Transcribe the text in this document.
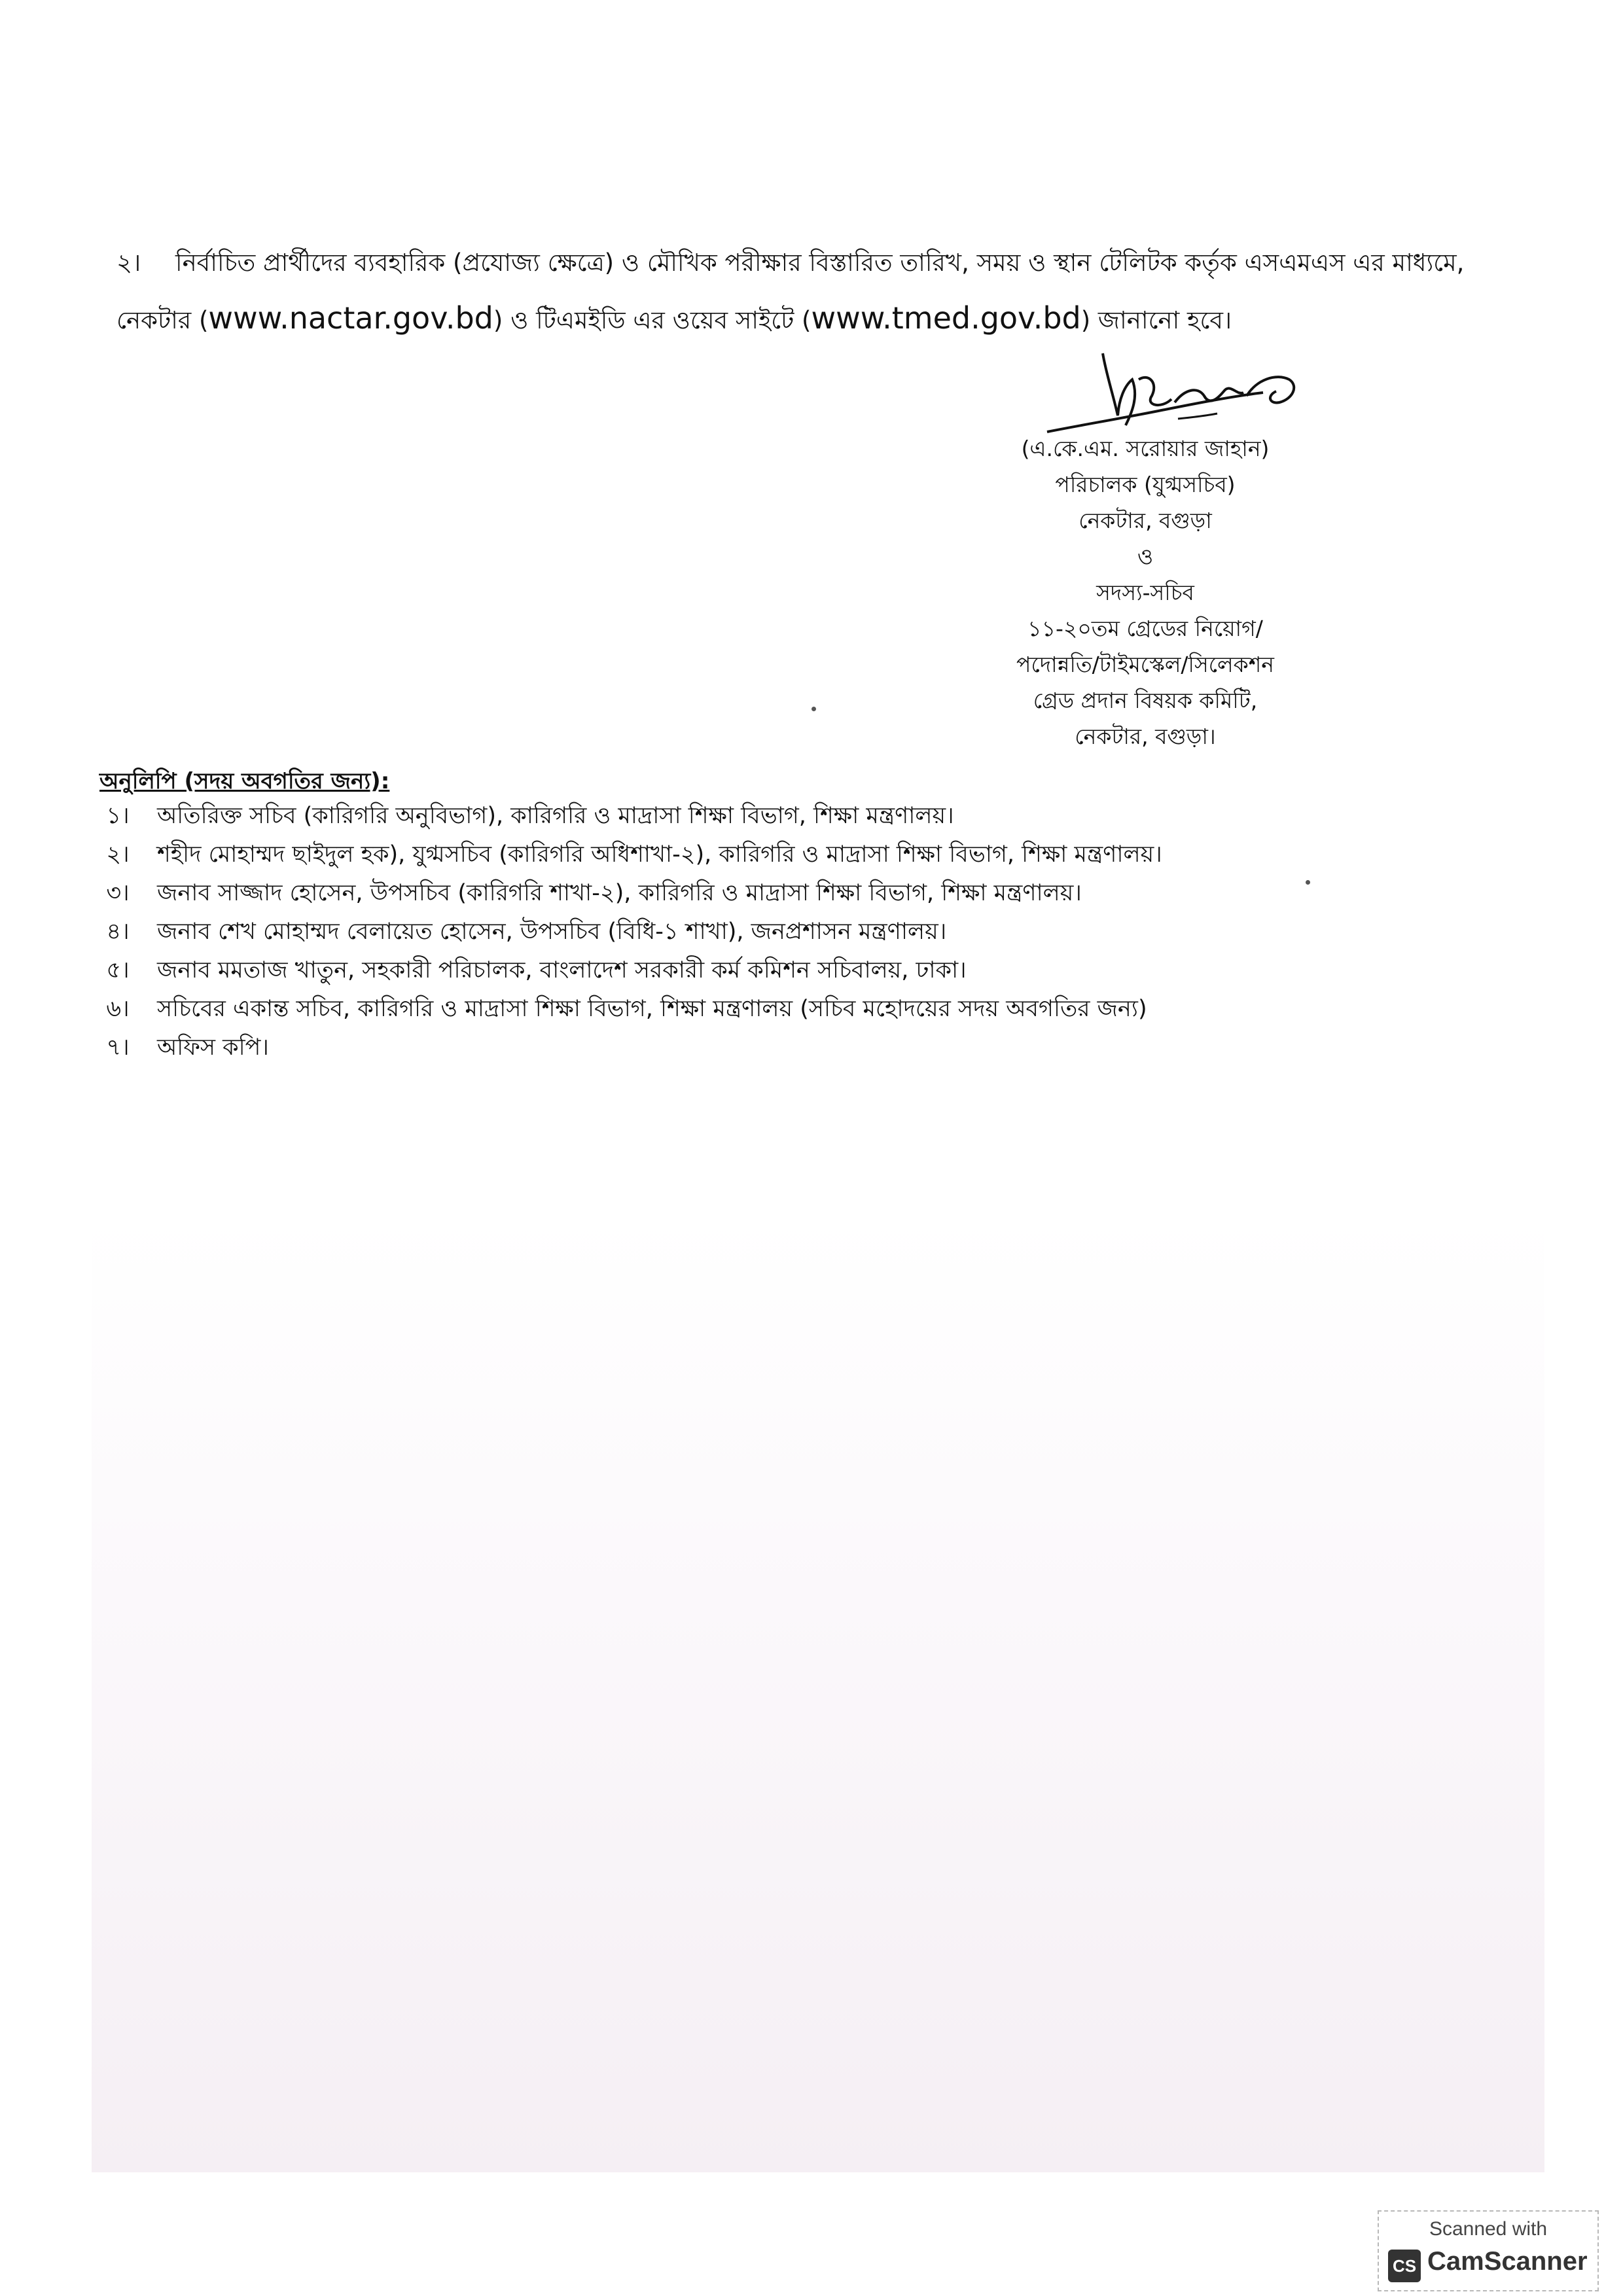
২। নির্বাচিত প্রার্থীদের ব্যবহারিক (প্রযোজ্য ক্ষেত্রে) ও মৌখিক পরীক্ষার বিস্তারিত তারিখ, সময় ও স্থান টেলিটক কর্তৃক এসএমএস এর মাধ্যমে, নেকটার (www.nactar.gov.bd) ও টিএমইডি এর ওয়েব সাইটে (www.tmed.gov.bd) জানানো হবে।
(এ.কে.এম. সরোয়ার জাহান)
পরিচালক (যুগ্মসচিব)
নেকটার, বগুড়া
ও
সদস্য-সচিব
১১-২০তম গ্রেডের নিয়োগ/
পদোন্নতি/টাইমস্কেল/সিলেকশন
গ্রেড প্রদান বিষয়ক কমিটি,
নেকটার, বগুড়া।
অনুলিপি (সদয় অবগতির জন্য):
১।	অতিরিক্ত সচিব (কারিগরি অনুবিভাগ), কারিগরি ও মাদ্রাসা শিক্ষা বিভাগ, শিক্ষা মন্ত্রণালয়।
২।	শহীদ মোহাম্মদ ছাইদুল হক), যুগ্মসচিব (কারিগরি অধিশাখা-২), কারিগরি ও মাদ্রাসা শিক্ষা বিভাগ, শিক্ষা মন্ত্রণালয়।
৩।	জনাব সাজ্জাদ হোসেন, উপসচিব (কারিগরি শাখা-২), কারিগরি ও মাদ্রাসা শিক্ষা বিভাগ, শিক্ষা মন্ত্রণালয়।
৪।	জনাব শেখ মোহাম্মদ বেলায়েত হোসেন, উপসচিব (বিধি-১ শাখা), জনপ্রশাসন মন্ত্রণালয়।
৫।	জনাব মমতাজ খাতুন, সহকারী পরিচালক, বাংলাদেশ সরকারী কর্ম কমিশন সচিবালয়, ঢাকা।
৬।	সচিবের একান্ত সচিব, কারিগরি ও মাদ্রাসা শিক্ষা বিভাগ, শিক্ষা মন্ত্রণালয় (সচিব মহোদয়ের সদয় অবগতির জন্য)
৭।	অফিস কপি।
Scanned with
CS CamScanner
